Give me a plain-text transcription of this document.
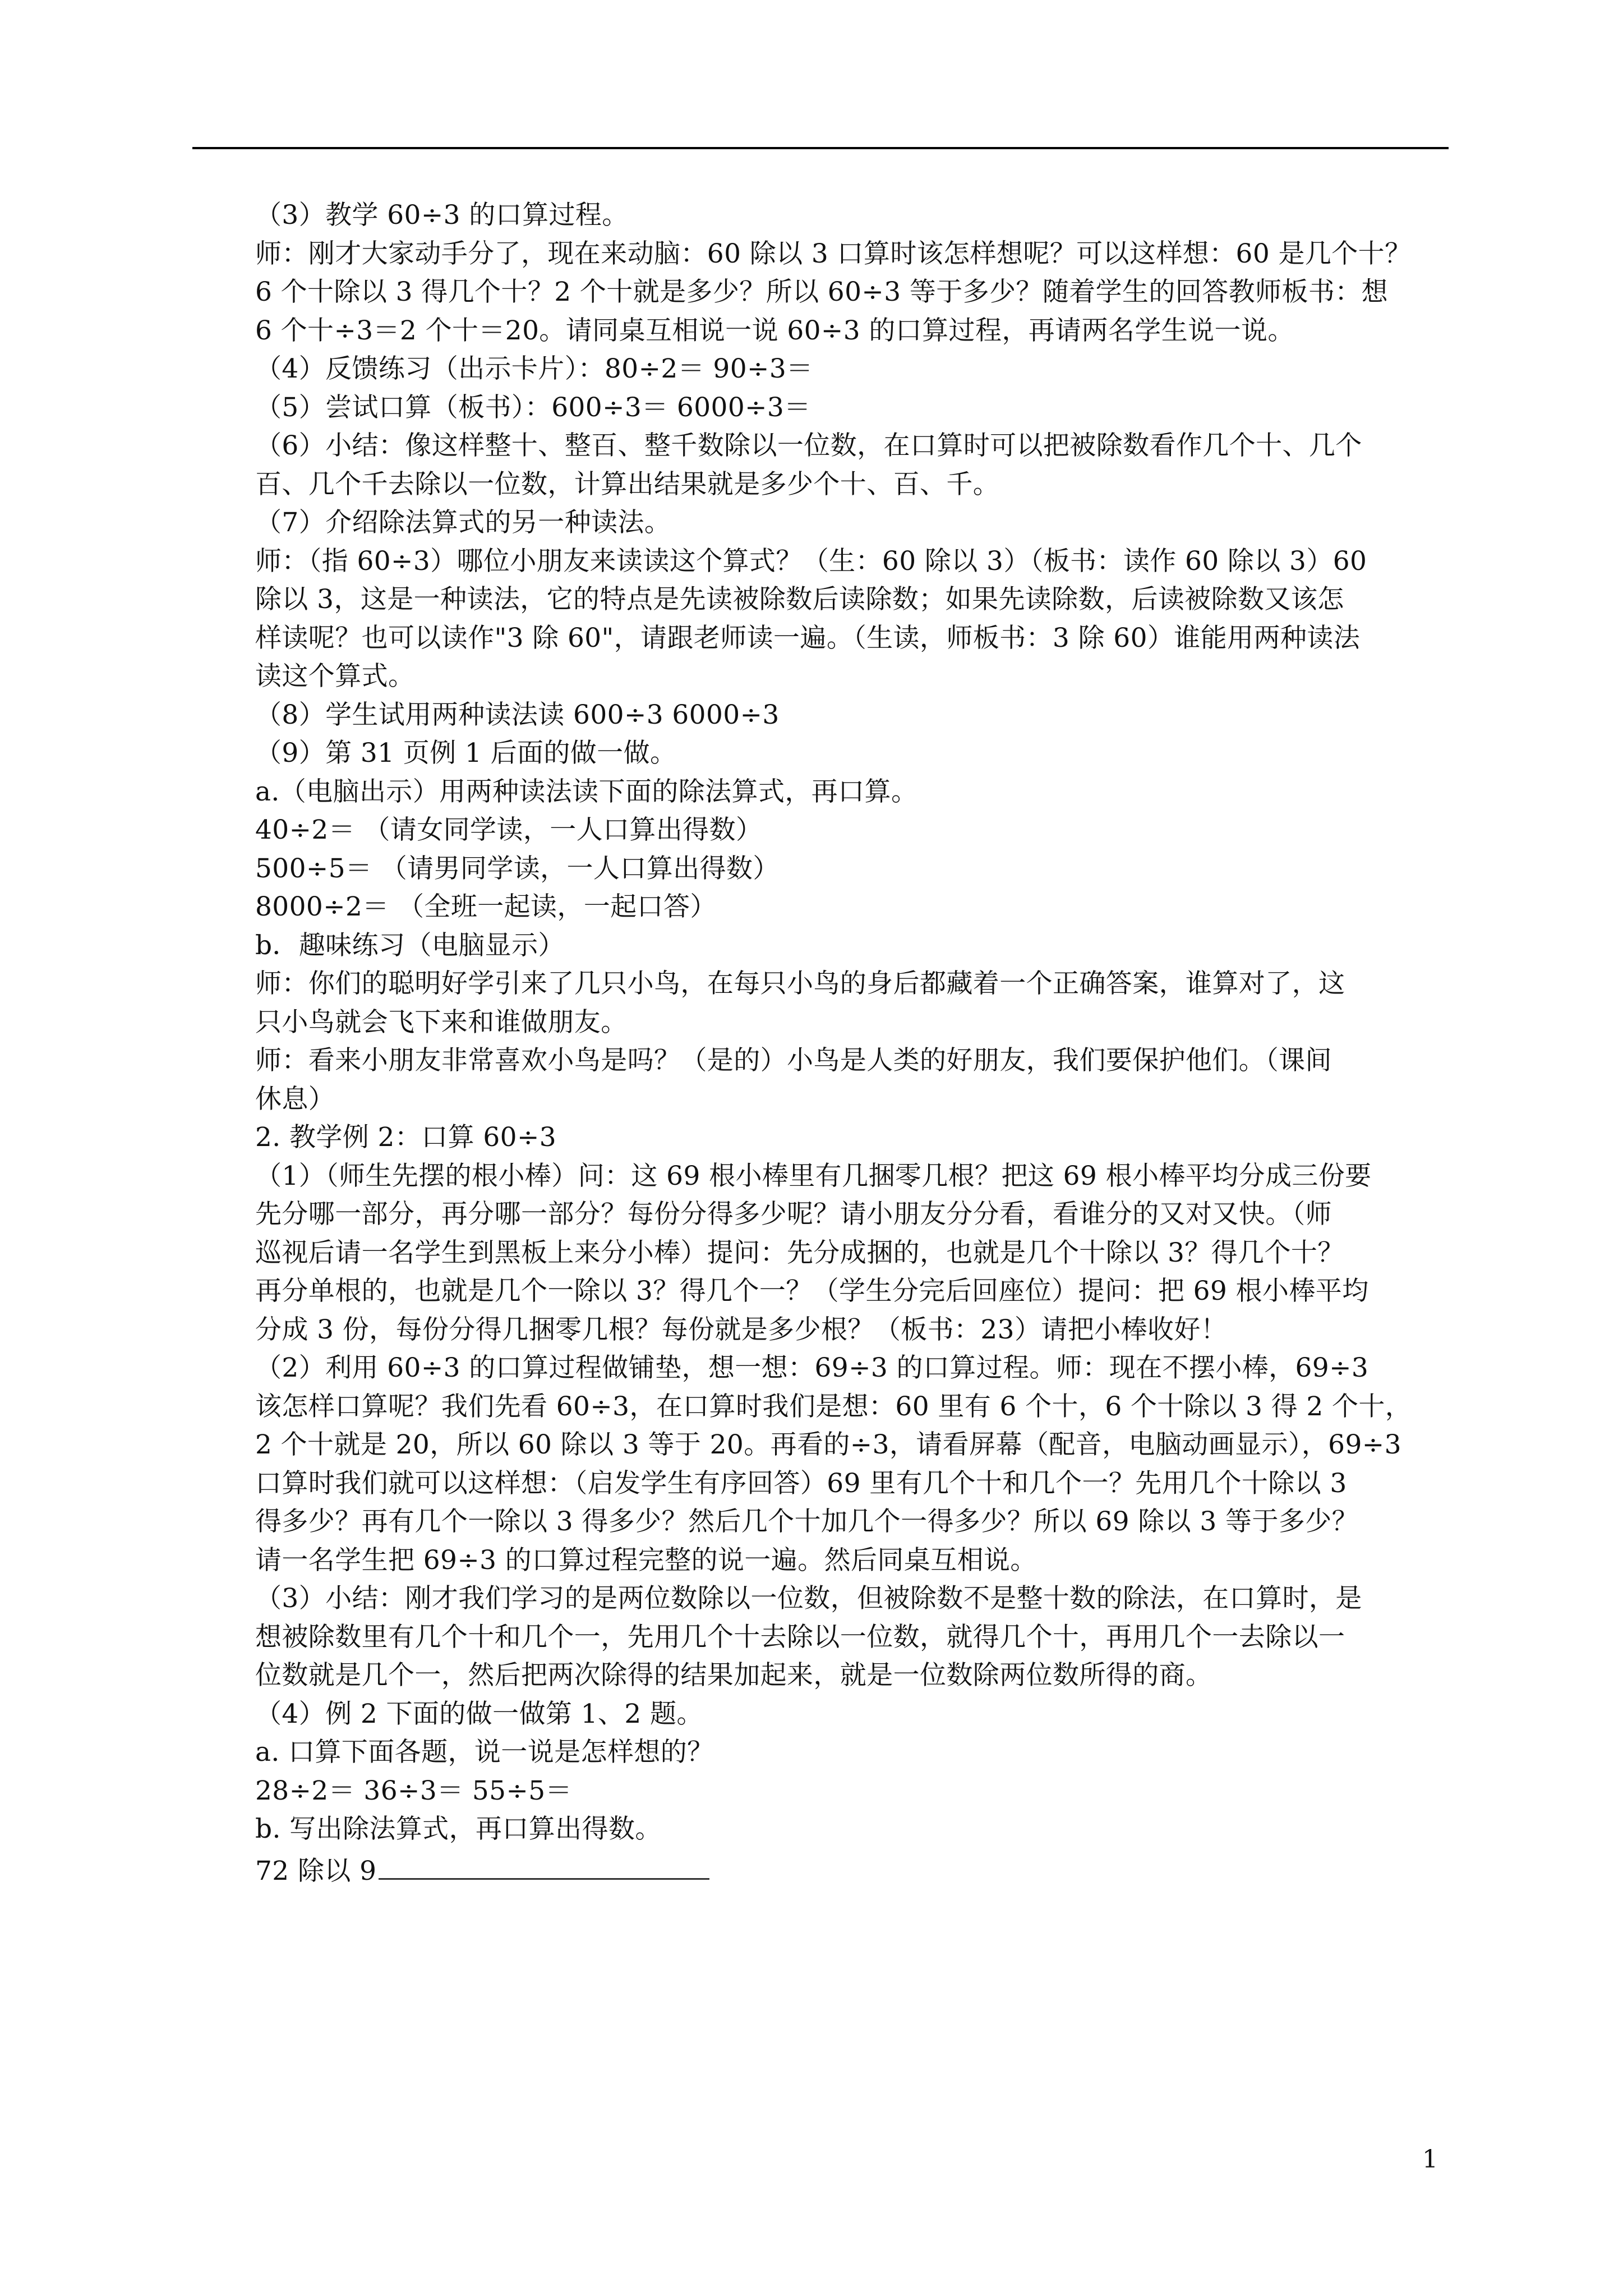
（3）教学 60÷3 的口算过程。
师：刚才大家动手分了，现在来动脑：60 除以 3 口算时该怎样想呢？可以这样想：60 是几个十？
6 个十除以 3 得几个十？2 个十就是多少？所以 60÷3 等于多少？随着学生的回答教师板书：想
6 个十÷3＝2 个十＝20。请同桌互相说一说 60÷3 的口算过程，再请两名学生说一说。
（4）反馈练习（出示卡片）：80÷2＝ 90÷3＝
（5）尝试口算（板书）：600÷3＝ 6000÷3＝
（6）小结：像这样整十、整百、整千数除以一位数，在口算时可以把被除数看作几个十、几个
百、几个千去除以一位数，计算出结果就是多少个十、百、千。
（7）介绍除法算式的另一种读法。
师：（指 60÷3）哪位小朋友来读读这个算式？（生：60 除以 3）（板书：读作 60 除以 3）60
除以 3，这是一种读法，它的特点是先读被除数后读除数；如果先读除数，后读被除数又该怎
样读呢？也可以读作"3 除 60"，请跟老师读一遍。（生读，师板书：3 除 60）谁能用两种读法
读这个算式。
（8）学生试用两种读法读 600÷3 6000÷3
（9）第 31 页例 1 后面的做一做。
a.（电脑出示）用两种读法读下面的除法算式，再口算。
40÷2＝ （请女同学读，一人口算出得数）
500÷5＝ （请男同学读，一人口算出得数）
8000÷2＝ （全班一起读，一起口答）
b．趣味练习（电脑显示）
师：你们的聪明好学引来了几只小鸟，在每只小鸟的身后都藏着一个正确答案，谁算对了，这
只小鸟就会飞下来和谁做朋友。
师：看来小朋友非常喜欢小鸟是吗？（是的）小鸟是人类的好朋友，我们要保护他们。（课间
休息）
2. 教学例 2：口算 60÷3
（1）（师生先摆的根小棒）问：这 69 根小棒里有几捆零几根？把这 69 根小棒平均分成三份要
先分哪一部分，再分哪一部分？每份分得多少呢？请小朋友分分看，看谁分的又对又快。（师
巡视后请一名学生到黑板上来分小棒）提问：先分成捆的，也就是几个十除以 3？得几个十？
再分单根的，也就是几个一除以 3？得几个一？（学生分完后回座位）提问：把 69 根小棒平均
分成 3 份，每份分得几捆零几根？每份就是多少根？（板书：23）请把小棒收好！
（2）利用 60÷3 的口算过程做铺垫，想一想：69÷3 的口算过程。师：现在不摆小棒，69÷3
该怎样口算呢？我们先看 60÷3，在口算时我们是想：60 里有 6 个十，6 个十除以 3 得 2 个十，
2 个十就是 20，所以 60 除以 3 等于 20。再看的÷3，请看屏幕（配音，电脑动画显示），69÷3
口算时我们就可以这样想：（启发学生有序回答）69 里有几个十和几个一？先用几个十除以 3
得多少？再有几个一除以 3 得多少？然后几个十加几个一得多少？所以 69 除以 3 等于多少？
请一名学生把 69÷3 的口算过程完整的说一遍。然后同桌互相说。
（3）小结：刚才我们学习的是两位数除以一位数，但被除数不是整十数的除法，在口算时，是
想被除数里有几个十和几个一，先用几个十去除以一位数，就得几个十，再用几个一去除以一
位数就是几个一，然后把两次除得的结果加起来，就是一位数除两位数所得的商。
（4）例 2 下面的做一做第 1、2 题。
a. 口算下面各题，说一说是怎样想的？
28÷2＝ 36÷3＝ 55÷5＝
b. 写出除法算式，再口算出得数。
72 除以 9
1
